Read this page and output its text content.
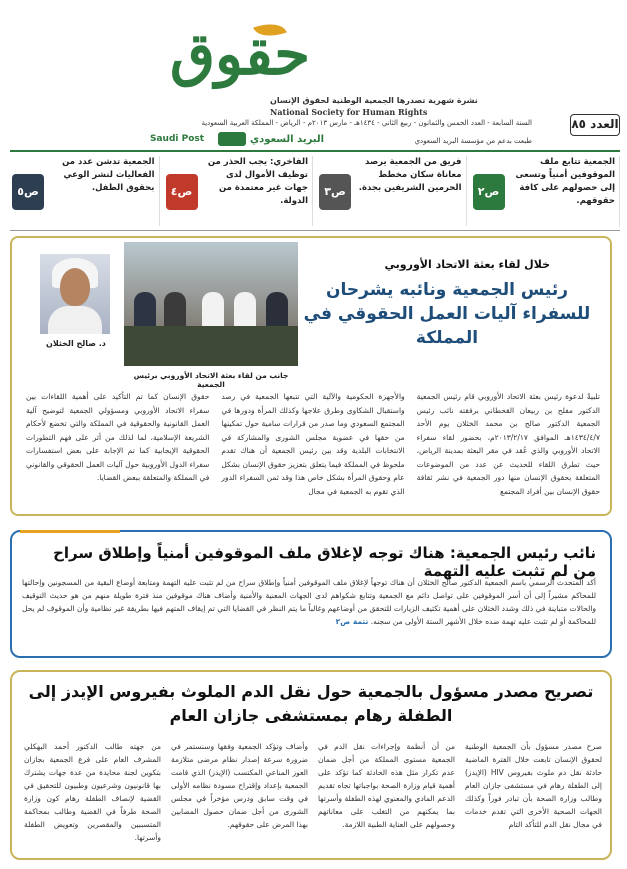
حقوق
نشرة شهرية تصدرها الجمعية الوطنية لحقوق الإنسان
National Society for Human Rights
السنة السابعة - العدد الخمس والثمانون - ربيع الثاني - ١٤٣٤هـ - مارس ٢٠١٣م - الرياض - المملكة العربية السعودية	العدد ٨٥
طبعت بدعم من مؤسسة البريد السعودي
Saudi Post	البريد السعودي
ص٢
الجمعية تتابع ملف الموقوفين أمنياً وتسعى إلى حصولهم على كافة حقوقهم.
ص٣
فريق من الجمعية يرصد معاناة سكان مخطط الحرمين الشريفين بجدة.
ص٤
الفاخري: يجب الحذر من توظيف الأموال لدى جهات غير معتمدة من الدولة.
ص٥
الجمعية تدشن عدد من الفعاليات لنشر الوعي بحقوق الطفل.
د. صالح الخثلان
جانب من لقاء بعثة الاتحاد الأوروبي برئيس الجمعية
خلال لقاء بعثة الاتحاد الأوروبي
رئيس الجمعية ونائبه يشرحان للسفراء آليات العمل الحقوقي في المملكة
تلبيةً لدعوة رئيس بعثة الاتحاد الأوروبي قام رئيس الجمعية الدكتور مفلح بن ربيعان القحطاني برفقته نائب رئيس الجمعية الدكتور صالح بن محمد الخثلان يوم الأحد ١٤٣٤/٤/٧هـ الموافق ٢٠١٣/٢/١٧م، بحضور لقاء سفراء الاتحاد الأوروبي والذي عُقد في مقر البعثة بمدينة الرياض، حيث تطرق اللقاء للحديث عن عدد من الموضوعات المتعلقة بحقوق الإنسان منها دور الجمعية في نشر ثقافة حقوق الإنسان بين أفراد المجتمع
والأجهزة الحكومية والآلية التي تتبعها الجمعية في رصد واستقبال الشكاوى وطرق علاجها وكذلك المرأة ودورها في المجتمع السعودي وما صدر من قرارات سامية حول تمكينها من حقها في عضوية مجلس الشورى والمشاركة في الانتخابات البلدية وقد بين رئيس الجمعية أن هناك تقدم ملحوظ في المملكة فيما يتعلق بتعزيز حقوق الإنسان بشكل عام وحقوق المرأة بشكل خاص هذا وقد ثمن السفراء الدور الذي تقوم به الجمعية في مجال
حقوق الإنسان كما تم التأكيد على أهمية اللقاءات بين سفراء الاتحاد الأوروبي ومسؤولي الجمعية لتوضيح آلية العمل القانونية والحقوقية في المملكة والتي تخضع لأحكام الشريعة الإسلامية، لما لذلك من أثر على فهم التطورات الحقوقية الإيجابية كما تم الإجابة على بعض استفسارات سفراء الدول الأوروبية حول آليات العمل الحقوقي والقانوني في المملكة والمتعلقة ببعض القضايا.
نائب رئيس الجمعية: هناك توجه لإغلاق ملف الموقوفين أمنياً وإطلاق سراح من لم تثبت عليه التهمة
أكد المتحدث الرسمي باسم الجمعية الدكتور صالح الخثلان أن هناك توجهاً لإغلاق ملف الموقوفين أمنياً وإطلاق سراح من لم تثبت عليه التهمة ومتابعة أوضاع البقية من المسجونين وإحالتها للمحاكم مشيراً إلى أن أسر الموقوفين على تواصل دائم مع الجمعية وتتابع شكواهم لدى الجهات المعنية والأمنية وأضاف هناك موقوفين منذ فترة طويلة منهم من هو حديث التوقيف والحالات متباينة في ذلك وشدد الخثلان على أهمية تكثيف الزيارات للتحقق من أوضاعهم وغالباً ما يتم النظر في القضايا التي تم إيقاف المتهم فيها بطريقة غير نظامية وأن الموقوف لم يحل للمحاكمة أو لم تثبت عليه تهمة ضده خلال الأشهر الستة الأولى من سجنه. تتمة ص٢
تصريح مصدر مسؤول بالجمعية حول نقل الدم الملوث بفيروس الإيدز إلى الطفلة رهام بمستشفى جازان العام
صرح مصدر مسؤول بأن الجمعية الوطنية لحقوق الإنسان تابعت خلال الفترة الماضية حادثة نقل دم ملوث بفيروس HIV (الإيدز) إلى الطفلة رهام في مستشفى جازان العام وطالب وزارة الصحة بأن تبادر فوراً وكذلك الجهات الصحية الأخرى التي تقدم خدمات في مجال نقل الدم للتأكد التام
من أن أنظمة وإجراءات نقل الدم في الجمعية مستوى المملكة من أجل ضمان عدم تكرار مثل هذه الحادثة كما تؤكد على أهمية قيام وزارة الصحة بواجباتها تجاه تقديم الدعم المادي والمعنوي لهذه الطفلة وأسرتها بما يمكنهم من التغلب على معاناتهم وحصولهم على العناية الطبية اللازمة.
وأضاف وتؤكد الجمعية وفقها وسنستمر في ضرورة سرعة إصدار نظام مرضى متلازمة العوز المناعي المكتسب (الإيدز) الذي قامت الجمعية بإعداد وإقتراح مسودة نظامه الأولى في وقت سابق ودرس مؤخراً في مجلس الشورى من أجل ضمان حصول المصابين بهذا المرض على حقوقهم.
من جهته طالب الدكتور أحمد البهكلي المشرف العام على فرع الجمعية بجازان بتكوين لجنة محايدة من عدة جهات يشترك بها قانونيون وشرعيون وطبيون للتحقيق في القضية لإنصاف الطفلة رهام كون وزارة الصحة طرفاً في القضية وطالب بمحاكمة المتسببين والمقصرين وتعويض الطفلة وأسرتها.
